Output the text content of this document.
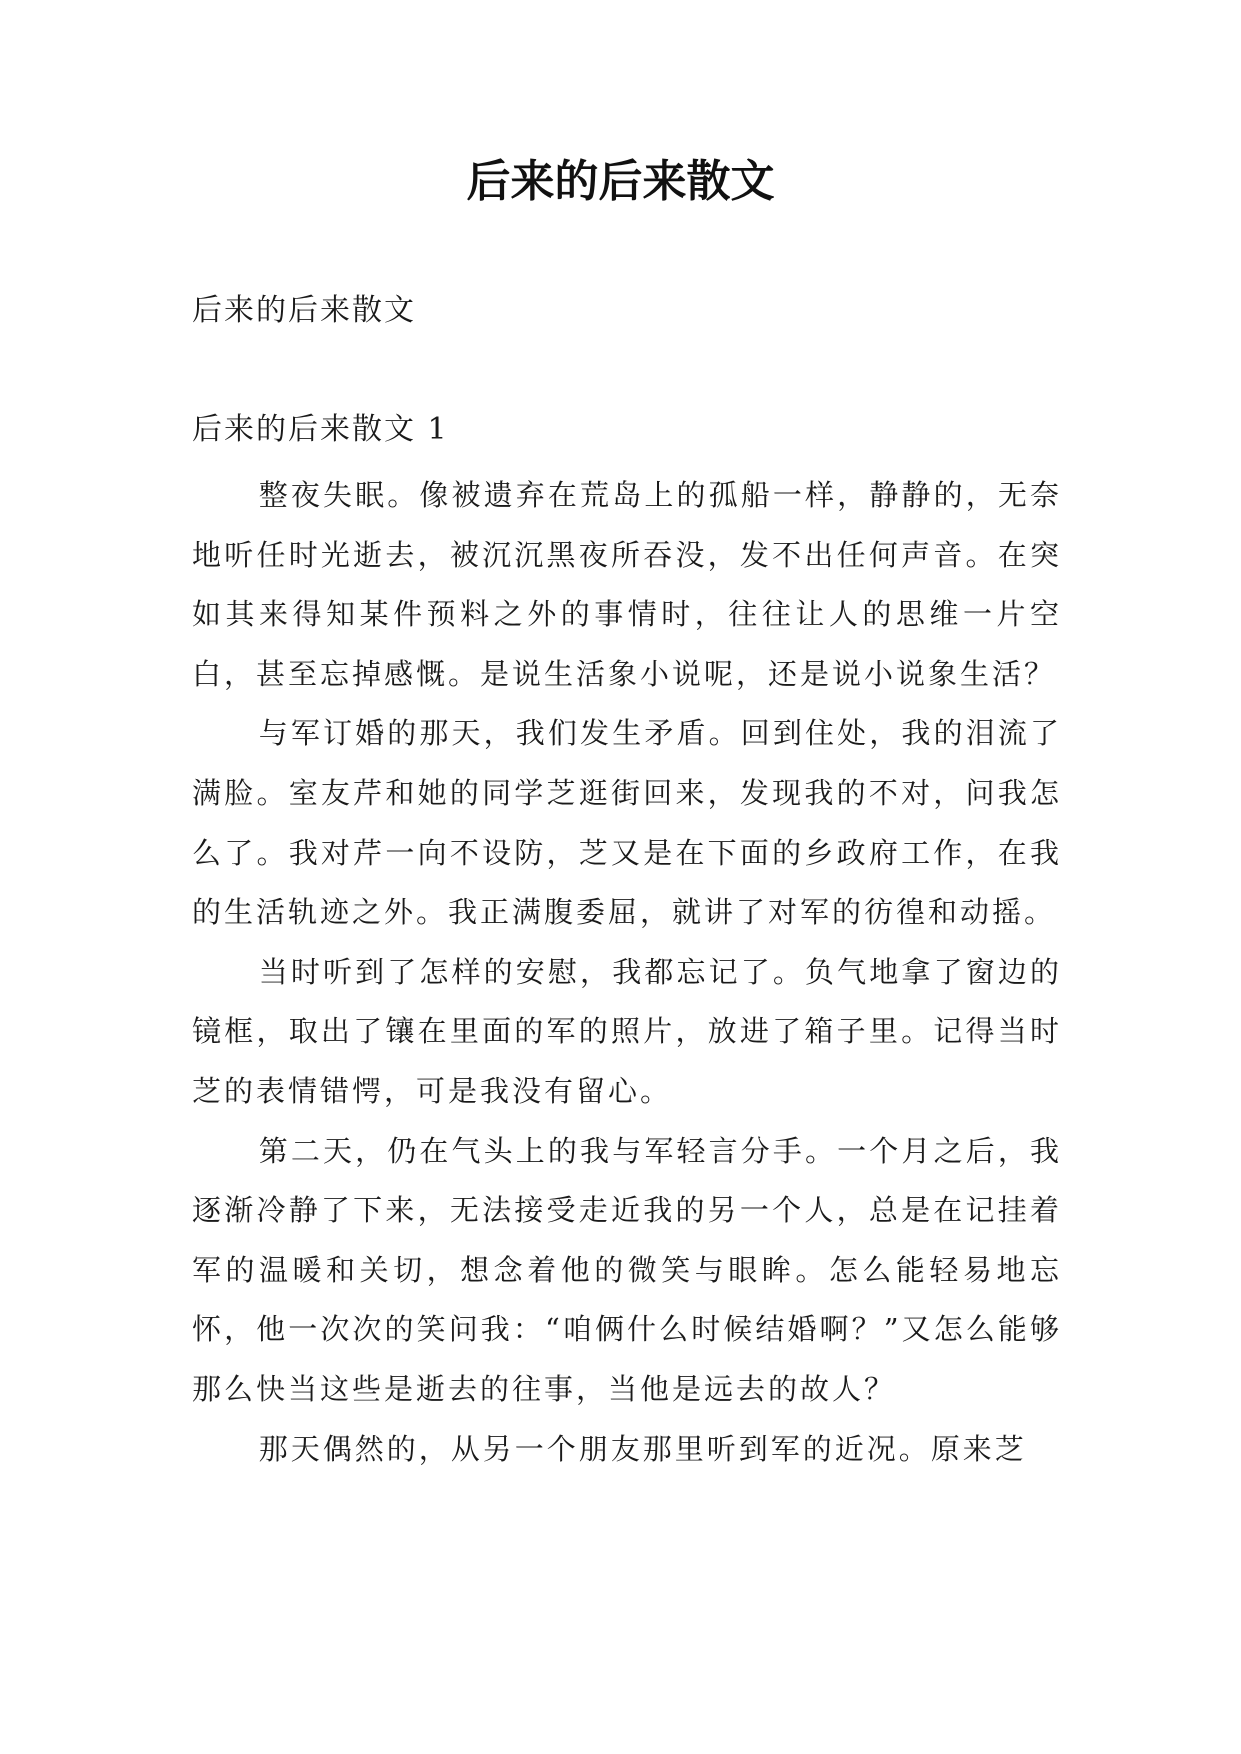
后来的后来散文

后来的后来散文

后来的后来散文 1

整夜失眠。像被遗弃在荒岛上的孤船一样，静静的，无奈地听任时光逝去，被沉沉黑夜所吞没，发不出任何声音。在突如其来得知某件预料之外的事情时，往往让人的思维一片空白，甚至忘掉感慨。是说生活象小说呢，还是说小说象生活？

与军订婚的那天，我们发生矛盾。回到住处，我的泪流了满脸。室友芹和她的同学芝逛街回来，发现我的不对，问我怎么了。我对芹一向不设防，芝又是在下面的乡政府工作，在我的生活轨迹之外。我正满腹委屈，就讲了对军的彷徨和动摇。

当时听到了怎样的安慰，我都忘记了。负气地拿了窗边的镜框，取出了镶在里面的军的照片，放进了箱子里。记得当时芝的表情错愕，可是我没有留心。

第二天，仍在气头上的我与军轻言分手。一个月之后，我逐渐冷静了下来，无法接受走近我的另一个人，总是在记挂着军的温暖和关切，想念着他的微笑与眼眸。怎么能轻易地忘怀，他一次次的笑问我：“咱俩什么时候结婚啊？”又怎么能够那么快当这些是逝去的往事，当他是远去的故人？

那天偶然的，从另一个朋友那里听到军的近况。原来芝
